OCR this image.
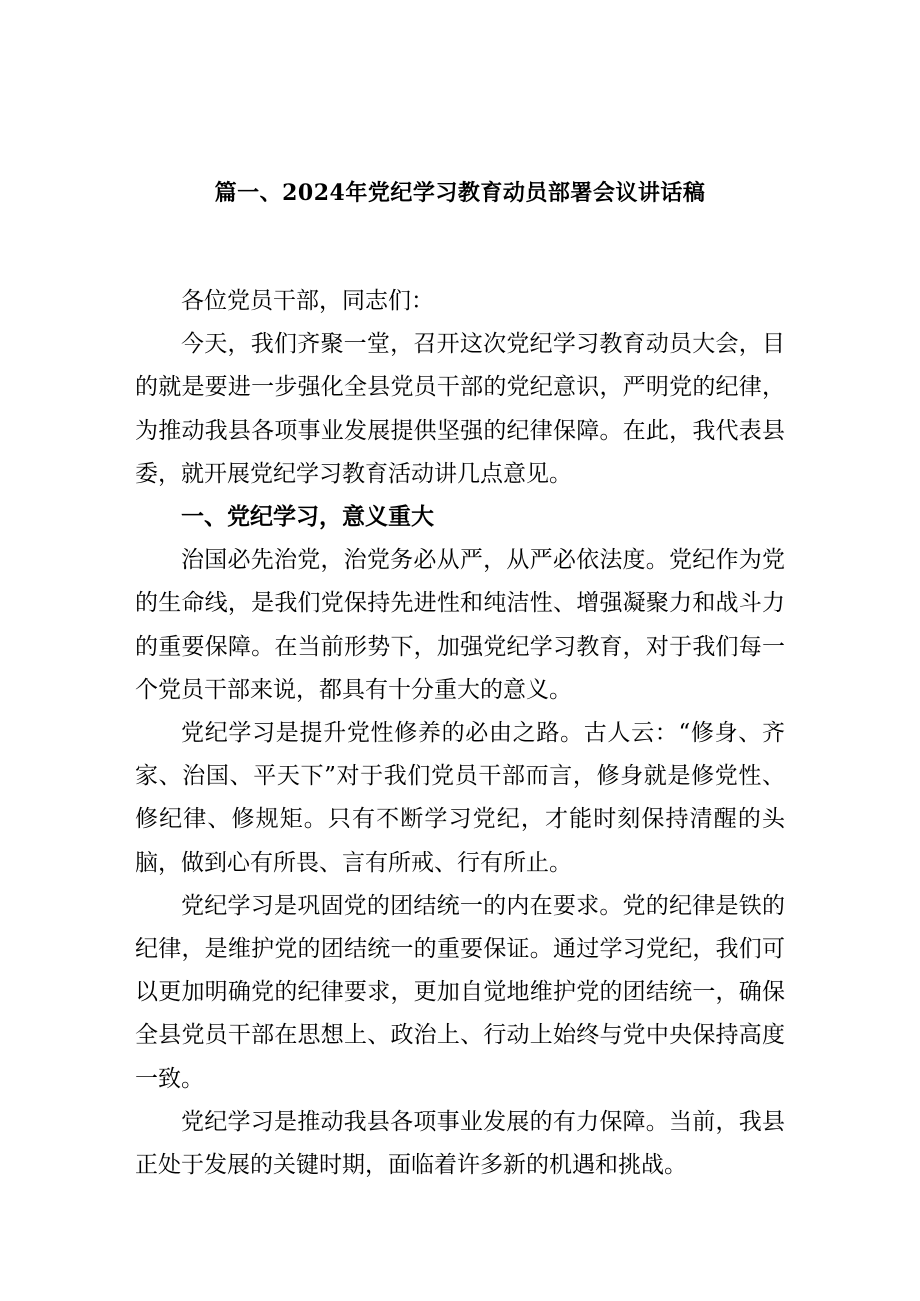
篇一、2024年党纪学习教育动员部署会议讲话稿

各位党员干部，同志们：

今天，我们齐聚一堂，召开这次党纪学习教育动员大会，目的就是要进一步强化全县党员干部的党纪意识，严明党的纪律，为推动我县各项事业发展提供坚强的纪律保障。在此，我代表县委，就开展党纪学习教育活动讲几点意见。

一、党纪学习，意义重大

治国必先治党，治党务必从严，从严必依法度。党纪作为党的生命线，是我们党保持先进性和纯洁性、增强凝聚力和战斗力的重要保障。在当前形势下，加强党纪学习教育，对于我们每一个党员干部来说，都具有十分重大的意义。

党纪学习是提升党性修养的必由之路。古人云：“修身、齐家、治国、平天下”对于我们党员干部而言，修身就是修党性、修纪律、修规矩。只有不断学习党纪，才能时刻保持清醒的头脑，做到心有所畏、言有所戒、行有所止。

党纪学习是巩固党的团结统一的内在要求。党的纪律是铁的纪律，是维护党的团结统一的重要保证。通过学习党纪，我们可以更加明确党的纪律要求，更加自觉地维护党的团结统一，确保全县党员干部在思想上、政治上、行动上始终与党中央保持高度一致。

党纪学习是推动我县各项事业发展的有力保障。当前，我县正处于发展的关键时期，面临着许多新的机遇和挑战。
